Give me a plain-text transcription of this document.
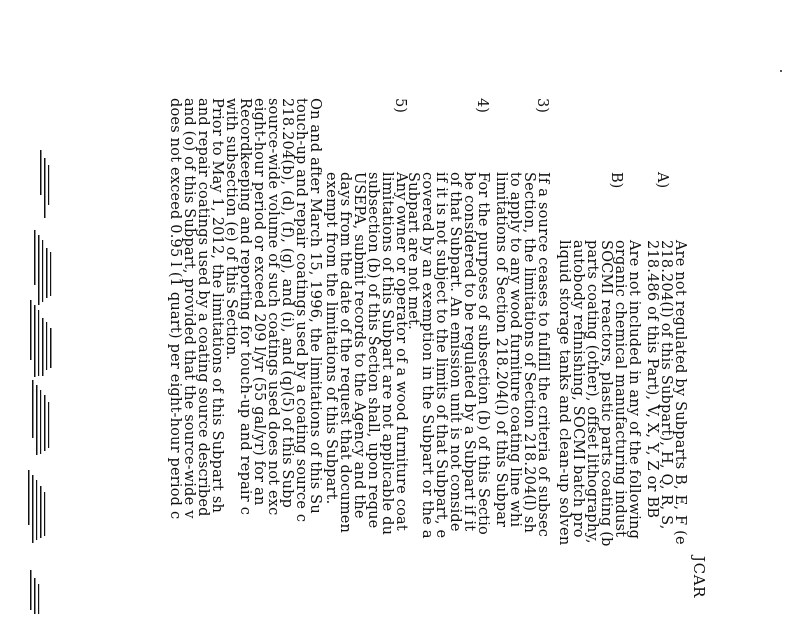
JCAR
A)
B)
3)
4)
5)
Are not regulated by Subparts B, E, F (e
218.204(l) of this Subpart), H, Q, R, S,
218.486 of this Part), V, X, Y, Z or BB
Are not included in any of the following
organic chemical manufacturing indust
SOCMI reactors, plastic parts coating (b
parts coating (other), offset lithography,
autobody refinishing, SOCMI batch pro
liquid storage tanks and clean-up solven
If a source ceases to fulfill the criteria of subsec
Section, the limitations of Section 218.204(l) sh
to apply to any wood furniture coating line whi
limitations of Section 218.204(l) of this Subpar
For the purposes of subsection (b) of this Sectio
be considered to be regulated by a Subpart if it
of that Subpart. An emission unit is not conside
if it is not subject to the limits of that Subpart, e
covered by an exemption in the Subpart or the a
Subpart are not met.
Any owner or operator of a wood furniture coat
limitations of this Subpart are not applicable du
subsection (b) of this Section shall, upon reque
USEPA, submit records to the Agency and the
days from the date of the request that documen
exempt from the limitations of this Subpart.
On and after March 15, 1996, the limitations of this Su
touch-up and repair coatings used by a coating source c
218.204(b), (d), (f), (g), and (i), and (q)(5) of this Subp
source-wide volume of such coatings used does not exc
eight-hour period or exceed 209 l/yr (55 gal/yr) for an
Recordkeeping and reporting for touch-up and repair c
with subsection (e) of this Section.
Prior to May 1, 2012, the limitations of this Subpart sh
and repair coatings used by a coating source described
and (o) of this Subpart, provided that the source-wide v
does not exceed 0.95 l (1 quart) per eight-hour period c
